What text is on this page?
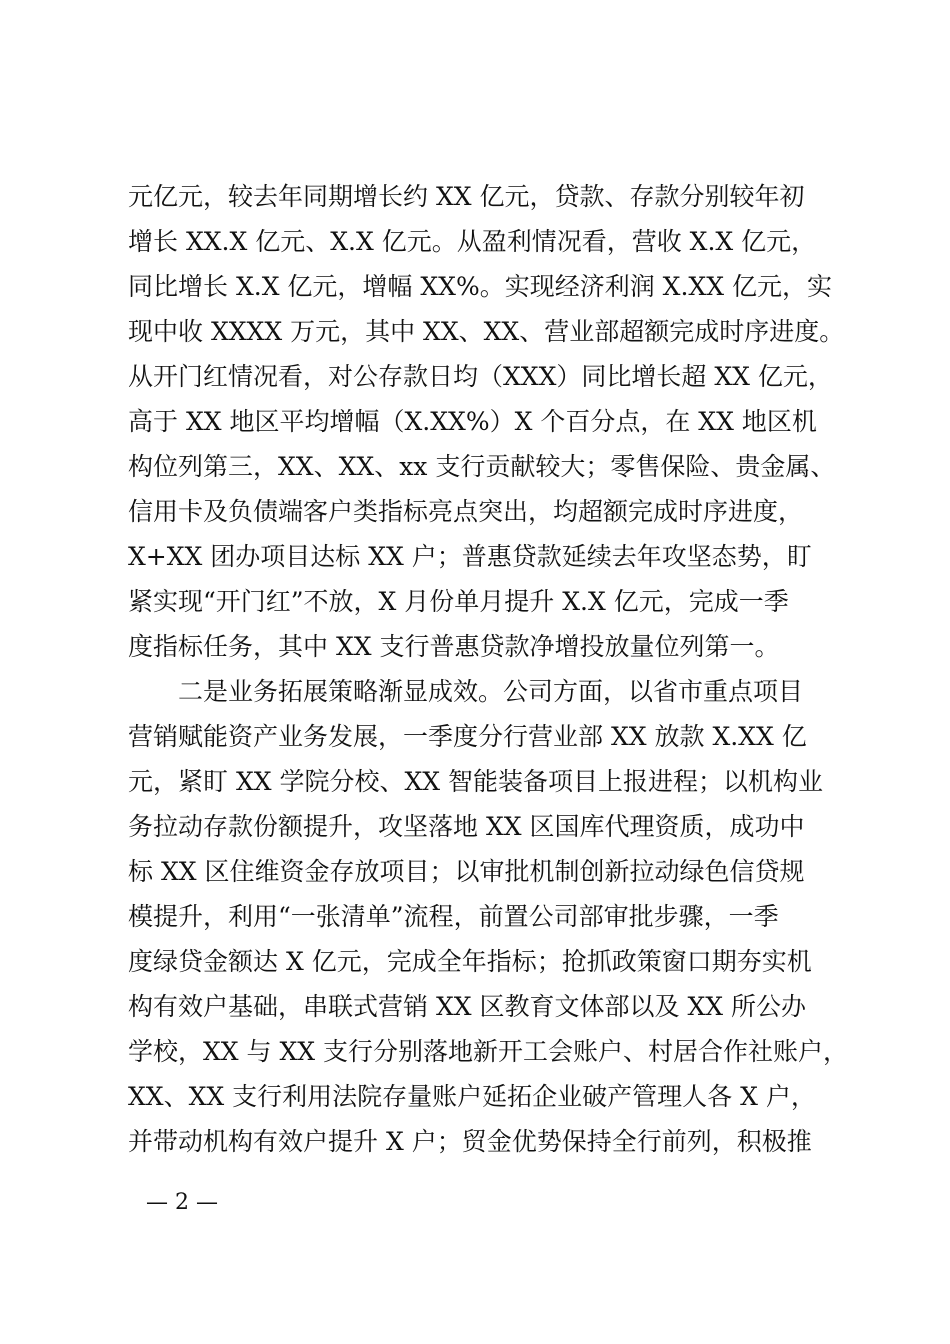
元亿元，较去年同期增长约 XX 亿元，贷款、存款分别较年初
增长 XX.X 亿元、X.X 亿元。从盈利情况看，营收 X.X 亿元，
同比增长 X.X 亿元，增幅 XX%。实现经济利润 X.XX 亿元，实
现中收 XXXX 万元，其中 XX、XX、营业部超额完成时序进度。
从开门红情况看，对公存款日均（XXX）同比增长超 XX 亿元，
高于 XX 地区平均增幅（X.XX%）X 个百分点，在 XX 地区机
构位列第三，XX、XX、xx 支行贡献较大；零售保险、贵金属、
信用卡及负债端客户类指标亮点突出，均超额完成时序进度，
X+XX 团办项目达标 XX 户；普惠贷款延续去年攻坚态势，盯
紧实现“开门红”不放，X 月份单月提升 X.X 亿元，完成一季
度指标任务，其中 XX 支行普惠贷款净增投放量位列第一。
二是业务拓展策略渐显成效。公司方面，以省市重点项目
营销赋能资产业务发展，一季度分行营业部 XX 放款 X.XX 亿
元，紧盯 XX 学院分校、XX 智能装备项目上报进程；以机构业
务拉动存款份额提升，攻坚落地 XX 区国库代理资质，成功中
标 XX 区住维资金存放项目；以审批机制创新拉动绿色信贷规
模提升，利用“一张清单”流程，前置公司部审批步骤，一季
度绿贷金额达 X 亿元，完成全年指标；抢抓政策窗口期夯实机
构有效户基础，串联式营销 XX 区教育文体部以及 XX 所公办
学校，XX 与 XX 支行分别落地新开工会账户、村居合作社账户，
XX、XX 支行利用法院存量账户延拓企业破产管理人各 X 户，
并带动机构有效户提升 X 户；贸金优势保持全行前列，积极推
— 2 —
